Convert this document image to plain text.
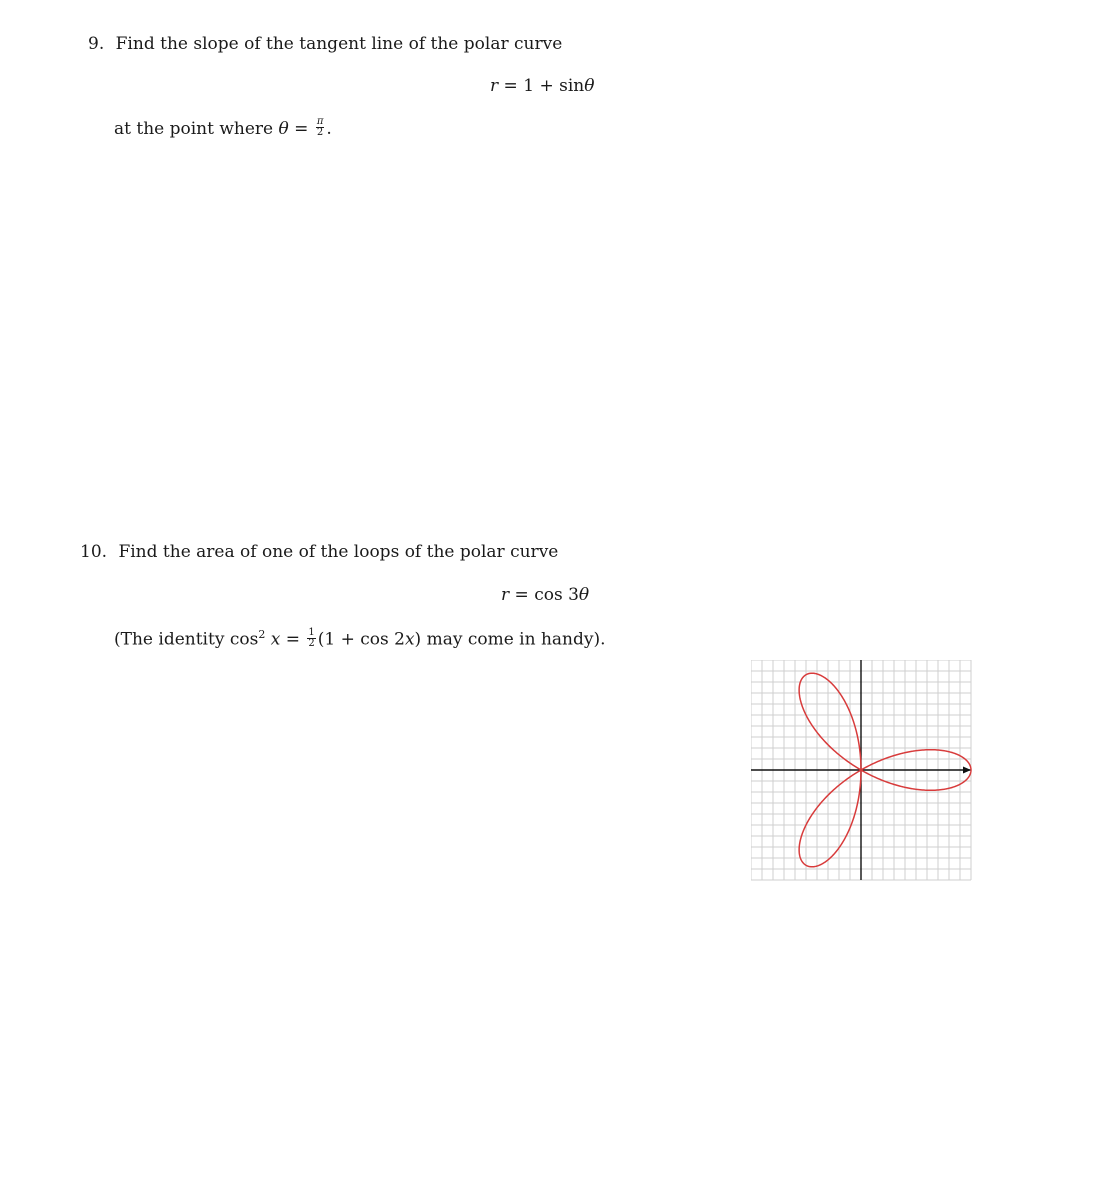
9. Find the slope of the tangent line of the polar curve
r = 1 + sinθ
at the point where $\theta = \frac{\pi}{2}$ .
10. Find the area of one of the loops of the polar curve
r = cos 3θ
(The identity $\cos^2 x = \frac{1}{2} (1 + \cos 2x)$ may come in handy).
